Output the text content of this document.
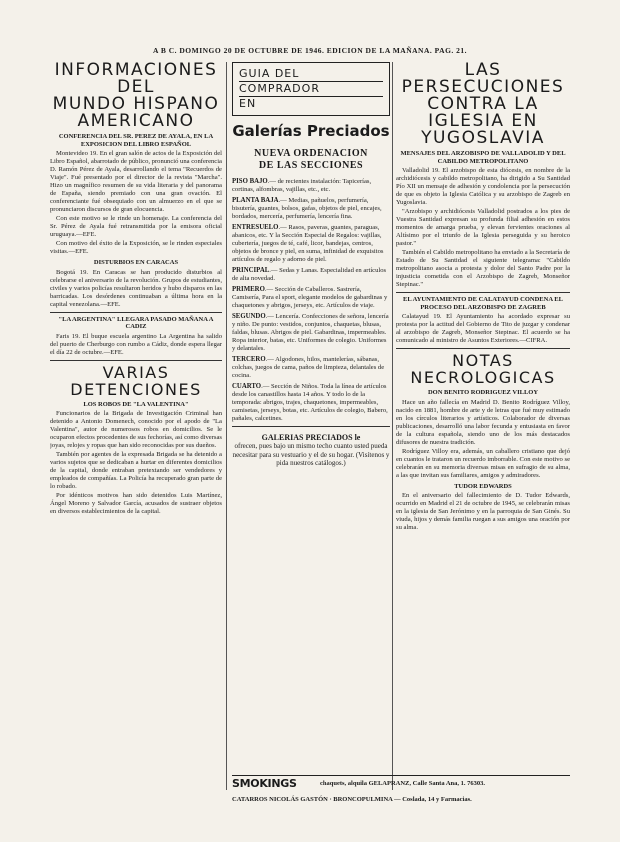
A B C. DOMINGO 20 DE OCTUBRE DE 1946. EDICION DE LA MAÑANA. PAG. 21.
INFORMACIONES DEL
MUNDO HISPANO
AMERICANO
CONFERENCIA DEL SR. PEREZ DE AYALA, EN LA EXPOSICION DEL LIBRO ESPAÑOL

Montevideo 19. En el gran salón de actos de la Exposición del Libro Español, abarrotado de público, pronunció una conferencia D. Ramón Pérez de Ayala, desarrollando el tema "Recuerdos de Viaje". Fué presentado por el director de la revista "Marcha". Hizo un magnífico resumen de su vida literaria y del panorama de España, siendo premiado con una gran ovación. El conferenciante fué obsequiado con un almuerzo en el que se pronunciaron discursos de gran elocuencia.

Con este motivo se le rinde un homenaje. La conferencia del Sr. Pérez de Ayala fué retransmitida por la emisora oficial uruguaya.—EFE.

Con motivo del éxito de la Exposición, se le rinden especiales visitas.—EFE.

DISTURBIOS EN CARACAS

Bogotá 19. En Caracas se han producido disturbios al celebrarse el aniversario de la revolución. Grupos de estudiantes, civiles y varios policías resultaron heridos y hubo disparos en las barricadas. Los desórdenes continuaban a última hora en la capital venezolana.—EFE.

"LA ARGENTINA" LLEGARA PASADO MAÑANA A CADIZ

Faris 19. El buque escuela argentino La Argentina ha salido del puerto de Cherburgo con rumbo a Cádiz, donde espera llegar el día 22 de octubre.—EFE.

VARIAS DETENCIONES
LOS ROBOS DE "LA VALENTINA"

Funcionarios de la Brigada de Investigación Criminal han detenido a Antonio Domenech, conocido por el apodo de "La Valentina", autor de numerosos robos en domicilios. Se le ocuparon efectos procedentes de sus fechorías, así como diversas joyas, relojes y ropas que han sido reconocidas por sus dueños.

También por agentes de la expresada Brigada se ha detenido a varios sujetos que se dedicaban a hurtar en diferentes domicilios de la capital, donde entraban pretextando ser vendedores y empleados de compañías. La Policía ha recuperado gran parte de lo robado.

Por idénticos motivos han sido detenidos Luis Martínez, Ángel Moreno y Salvador García, acusados de sustraer objetos en diversos establecimientos de la capital.

GUIA DEL
COMPRADOR
EN
Galerías Preciados
NUEVA ORDENACION
DE LAS SECCIONES
PISO BAJO.— de recientes instalación: Tapicerías, cortinas, alfombras, vajillas, etc., etc.
PLANTA BAJA.— Medias, pañuelos, perfumería, bisutería, guantes, bolsos, gafas, objetos de piel, encajes, bordados, mercería, perfumería, lencería fina.
ENTRESUELO.— Rasos, paveras, guantes, paraguas, abanicos, etc. Y la Sección Especial de Regalos: vajillas, cubertería, juegos de té, café, licor, bandejas, centros, objetos de bronce y piel, en suma, infinidad de exquisitos artículos de regalo y adorno de piel.
PRINCIPAL.— Sedas y Lanas. Especialidad en artículos de alta novedad.
PRIMERO.— Sección de Caballeros. Sastrería, Camisería, Para el sport, elegante modelos de gabardinas y chaquetones y abrigos, jerseys, etc. Artículos de viaje.
SEGUNDO.— Lencería. Confecciones de señora, lencería y niño. De punto: vestidos, conjuntos, chaquetas, blusas, faldas, blusas. Abrigos de piel. Gabardinas, impermeables. Ropa interior, batas, etc. Uniformes de colegio. Uniformes y delantales.
TERCERO.— Algodones, hilos, mantelerías, sábanas, colchas, juegos de cama, paños de limpieza, delantales de cocina.
CUARTO.— Sección de Niños. Toda la línea de artículos desde los canastillos hasta 14 años. Y todo lo de la temporada: abrigos, trajes, chaquetones, impermeables, camisetas, jerseys, botas, etc. Artículos de colegio, Babero, pañales, calcetines.
GALERIAS PRECIADOS le
ofrecen, pues bajo un mismo techo cuanto usted pueda necesitar para su vestuario y el de su hogar. (Visítenos y pida nuestros catálogos.)
LAS PERSECUCIONES
CONTRA LA IGLESIA EN
YUGOSLAVIA
MENSAJES DEL ARZOBISPO DE VALLADOLID Y DEL CABILDO METROPOLITANO

Valladolid 19. El arzobispo de esta diócesis, en nombre de la archidiócesis y cabildo metropolitano, ha dirigido a Su Santidad Pío XII un mensaje de adhesión y condolencia por la persecución de que es objeto la Iglesia Católica y su arzobispo de Zagreb en Yugoslavia.

"Arzobispo y archidiócesis Valladolid postrados a los pies de Vuestra Santidad expresan su profunda filial adhesión en estos momentos de amarga prueba, y elevan fervientes oraciones al Altísimo por el triunfo de la Iglesia perseguida y su heroico pastor."

También el Cabildo metropolitano ha enviado a la Secretaría de Estado de Su Santidad el siguiente telegrama: "Cabildo metropolitano asocia a protesta y dolor del Santo Padre por la injusticia cometida con el Arzobispo de Zagreb, Monseñor Stepinac."

EL AYUNTAMIENTO DE CALATAYUD CONDENA EL PROCESO DEL ARZOBISPO DE ZAGREB

Calatayud 19. El Ayuntamiento ha acordado expresar su protesta por la actitud del Gobierno de Tito de juzgar y condenar al arzobispo de Zagreb, Monseñor Stepinac. El acuerdo se ha comunicado al ministro de Asuntos Exteriores.—CIFRA.

NOTAS NECROLOGICAS
DON BENITO RODRIGUEZ VILLOY

Hace un año fallecía en Madrid D. Benito Rodríguez Villoy, nacido en 1881, hombre de arte y de letras que fué muy estimado en los círculos literarios y artísticos. Colaborador de diversas publicaciones, desarrolló una labor fecunda y entusiasta en favor de la cultura española, siendo uno de los más destacados difusores de nuestra tradición.

Rodríguez Villoy era, además, un caballero cristiano que dejó en cuantos le trataron un recuerdo imborrable. Con este motivo se celebrarán en su memoria diversas misas en sufragio de su alma, a las que invitan sus familiares, amigos y admiradores.

TUDOR EDWARDS

En el aniversario del fallecimiento de D. Tudor Edwards, ocurrido en Madrid el 21 de octubre de 1945, se celebrarán misas en la iglesia de San Jerónimo y en la parroquia de San Ginés. Su viuda, hijos y demás familia ruegan a sus amigos una oración por su alma.

SMOKINGS	chaquets, alquila GELAPRANZ, Calle Santa Ana, 1. 76303.
CATARROS NICOLÁS GASTÓN · BRONCOPULMINA — Coslada, 14 y Farmacias.
